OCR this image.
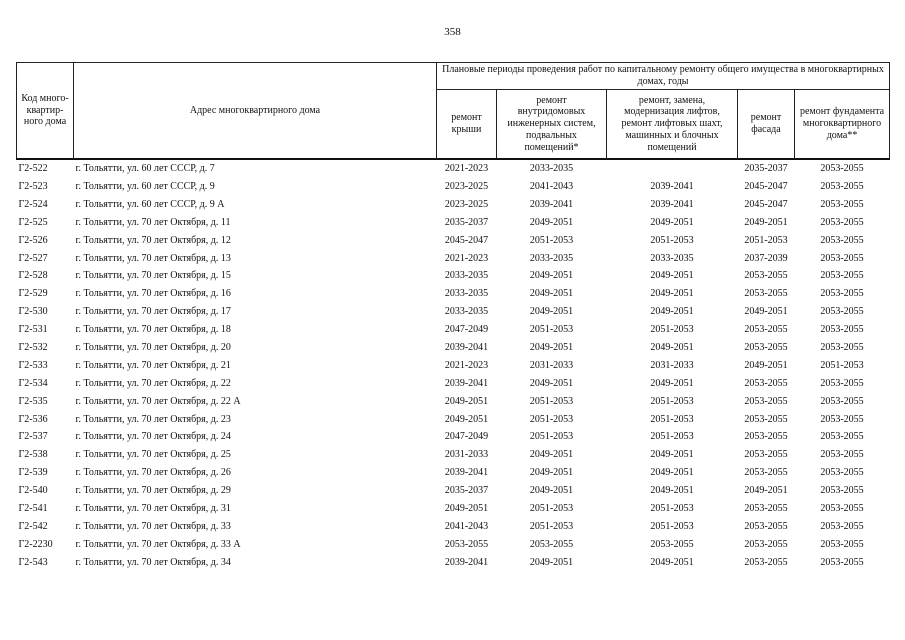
358
Код много-
квартир-
ного дома	Адрес многоквартирного дома	Плановые периоды проведения работ по капитальному ремонту общего имущества в многоквартирных домах, годы				
		ремонт
крыши	ремонт
внутридомовых
инженерных систем,
подвальных
помещений*	ремонт, замена,
модернизация лифтов,
ремонт лифтовых шахт,
машинных и блочных
помещений	ремонт
фасада	ремонт фундамента
многоквартирного
дома**
Г2-522	г. Тольятти, ул. 60 лет СССР, д. 7	2021-2023	2033-2035		2035-2037	2053-2055
Г2-523	г. Тольятти, ул. 60 лет СССР, д. 9	2023-2025	2041-2043	2039-2041	2045-2047	2053-2055
Г2-524	г. Тольятти, ул. 60 лет СССР, д. 9 А	2023-2025	2039-2041	2039-2041	2045-2047	2053-2055
Г2-525	г. Тольятти, ул. 70 лет Октября, д. 11	2035-2037	2049-2051	2049-2051	2049-2051	2053-2055
Г2-526	г. Тольятти, ул. 70 лет Октября, д. 12	2045-2047	2051-2053	2051-2053	2051-2053	2053-2055
Г2-527	г. Тольятти, ул. 70 лет Октября, д. 13	2021-2023	2033-2035	2033-2035	2037-2039	2053-2055
Г2-528	г. Тольятти, ул. 70 лет Октября, д. 15	2033-2035	2049-2051	2049-2051	2053-2055	2053-2055
Г2-529	г. Тольятти, ул. 70 лет Октября, д. 16	2033-2035	2049-2051	2049-2051	2053-2055	2053-2055
Г2-530	г. Тольятти, ул. 70 лет Октября, д. 17	2033-2035	2049-2051	2049-2051	2049-2051	2053-2055
Г2-531	г. Тольятти, ул. 70 лет Октября, д. 18	2047-2049	2051-2053	2051-2053	2053-2055	2053-2055
Г2-532	г. Тольятти, ул. 70 лет Октября, д. 20	2039-2041	2049-2051	2049-2051	2053-2055	2053-2055
Г2-533	г. Тольятти, ул. 70 лет Октября, д. 21	2021-2023	2031-2033	2031-2033	2049-2051	2051-2053
Г2-534	г. Тольятти, ул. 70 лет Октября, д. 22	2039-2041	2049-2051	2049-2051	2053-2055	2053-2055
Г2-535	г. Тольятти, ул. 70 лет Октября, д. 22 А	2049-2051	2051-2053	2051-2053	2053-2055	2053-2055
Г2-536	г. Тольятти, ул. 70 лет Октября, д. 23	2049-2051	2051-2053	2051-2053	2053-2055	2053-2055
Г2-537	г. Тольятти, ул. 70 лет Октября, д. 24	2047-2049	2051-2053	2051-2053	2053-2055	2053-2055
Г2-538	г. Тольятти, ул. 70 лет Октября, д. 25	2031-2033	2049-2051	2049-2051	2053-2055	2053-2055
Г2-539	г. Тольятти, ул. 70 лет Октября, д. 26	2039-2041	2049-2051	2049-2051	2053-2055	2053-2055
Г2-540	г. Тольятти, ул. 70 лет Октября, д. 29	2035-2037	2049-2051	2049-2051	2049-2051	2053-2055
Г2-541	г. Тольятти, ул. 70 лет Октября, д. 31	2049-2051	2051-2053	2051-2053	2053-2055	2053-2055
Г2-542	г. Тольятти, ул. 70 лет Октября, д. 33	2041-2043	2051-2053	2051-2053	2053-2055	2053-2055
Г2-2230	г. Тольятти, ул. 70 лет Октября, д. 33 А	2053-2055	2053-2055	2053-2055	2053-2055	2053-2055
Г2-543	г. Тольятти, ул. 70 лет Октября, д. 34	2039-2041	2049-2051	2049-2051	2053-2055	2053-2055
